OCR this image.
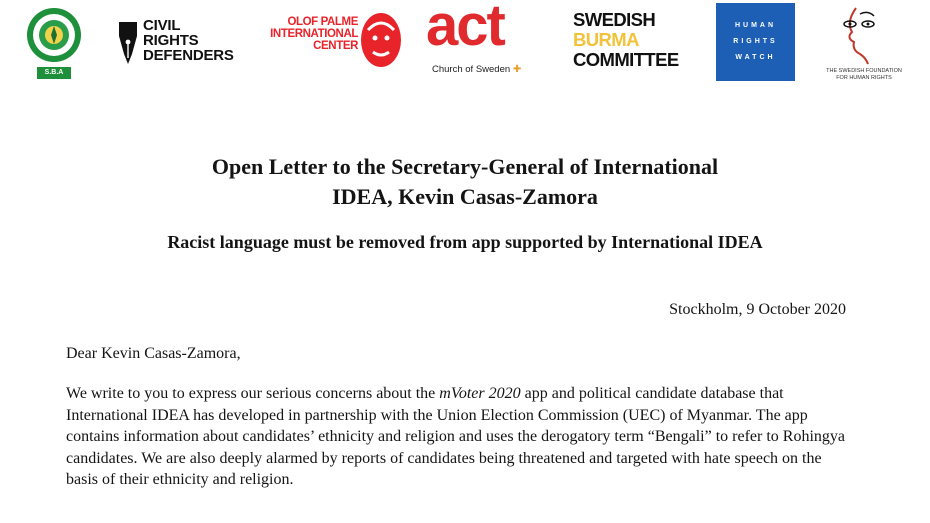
S.B.A
CIVIL
RIGHTS
DEFENDERS
OLOF PALME
INTERNATIONAL
CENTER act
Church of Sweden ✚
SWEDISH
BURMA
COMMITTEE
HUMAN
RIGHTS
WATCH
THE SWEDISH FOUNDATION
FOR HUMAN RIGHTS
Open Letter to the Secretary-General of International
IDEA, Kevin Casas-Zamora
Racist language must be removed from app supported by International IDEA
Stockholm, 9 October 2020
Dear Kevin Casas-Zamora,
We write to you to express our serious concerns about the mVoter 2020 app and political candidate database that International IDEA has developed in partnership with the Union Election Commission (UEC) of Myanmar. The app contains information about candidates’ ethnicity and religion and uses the derogatory term “Bengali” to refer to Rohingya candidates. We are also deeply alarmed by reports of candidates being threatened and targeted with hate speech on the basis of their ethnicity and religion.
